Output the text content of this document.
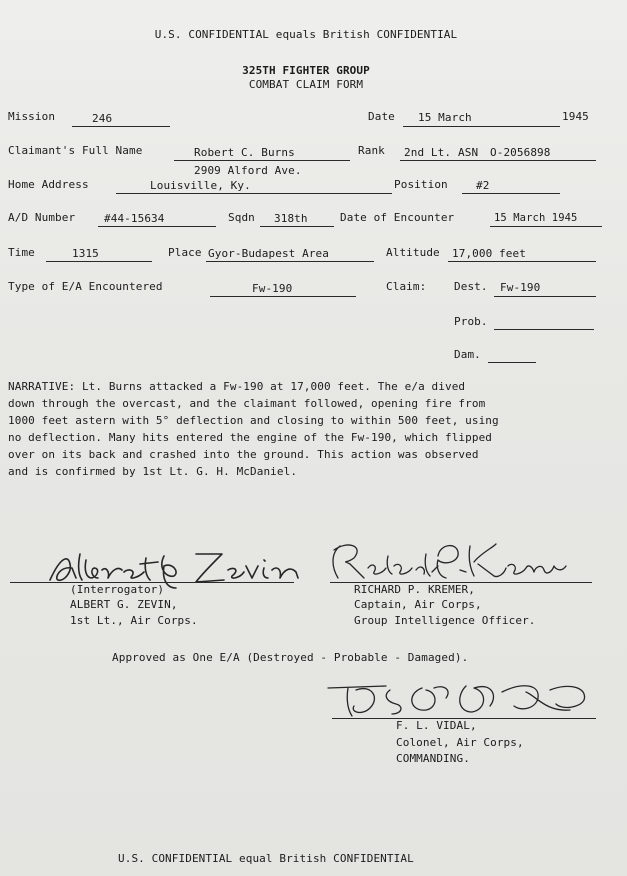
U.S. CONFIDENTIAL equals British CONFIDENTIAL
325TH FIGHTER GROUP
COMBAT CLAIM FORM
Mission	246	Date 15 March	1945
Claimant's Full Name	Robert C. Burns	Rank 2nd Lt. ASN O-2056898
2909 Alford Ave.
Home Address	Louisville, Ky.	Position	#2
A/D Number	#44-15634	Sqdn 318th	Date of Encounter	15 March 1945
Time	1315	Place Gyor-Budapest Area	Altitude 17,000 feet
Type of E/A Encountered	Fw-190	Claim:	Dest. Fw-190
Prob.
Dam.
NARRATIVE: Lt. Burns attacked a Fw-190 at 17,000 feet. The e/a dived
down through the overcast, and the claimant followed, opening fire from
1000 feet astern with 5° deflection and closing to within 500 feet, using
no deflection. Many hits entered the engine of the Fw-190, which flipped
over on its back and crashed into the ground. This action was observed
and is confirmed by 1st Lt. G. H. McDaniel.
(Interrogator)
ALBERT G. ZEVIN,
1st Lt., Air Corps.
RICHARD P. KREMER,
Captain, Air Corps,
Group Intelligence Officer.
Approved as One E/A (Destroyed - Probable - Damaged).
F. L. VIDAL,
Colonel, Air Corps,
COMMANDING.
U.S. CONFIDENTIAL equal British CONFIDENTIAL
